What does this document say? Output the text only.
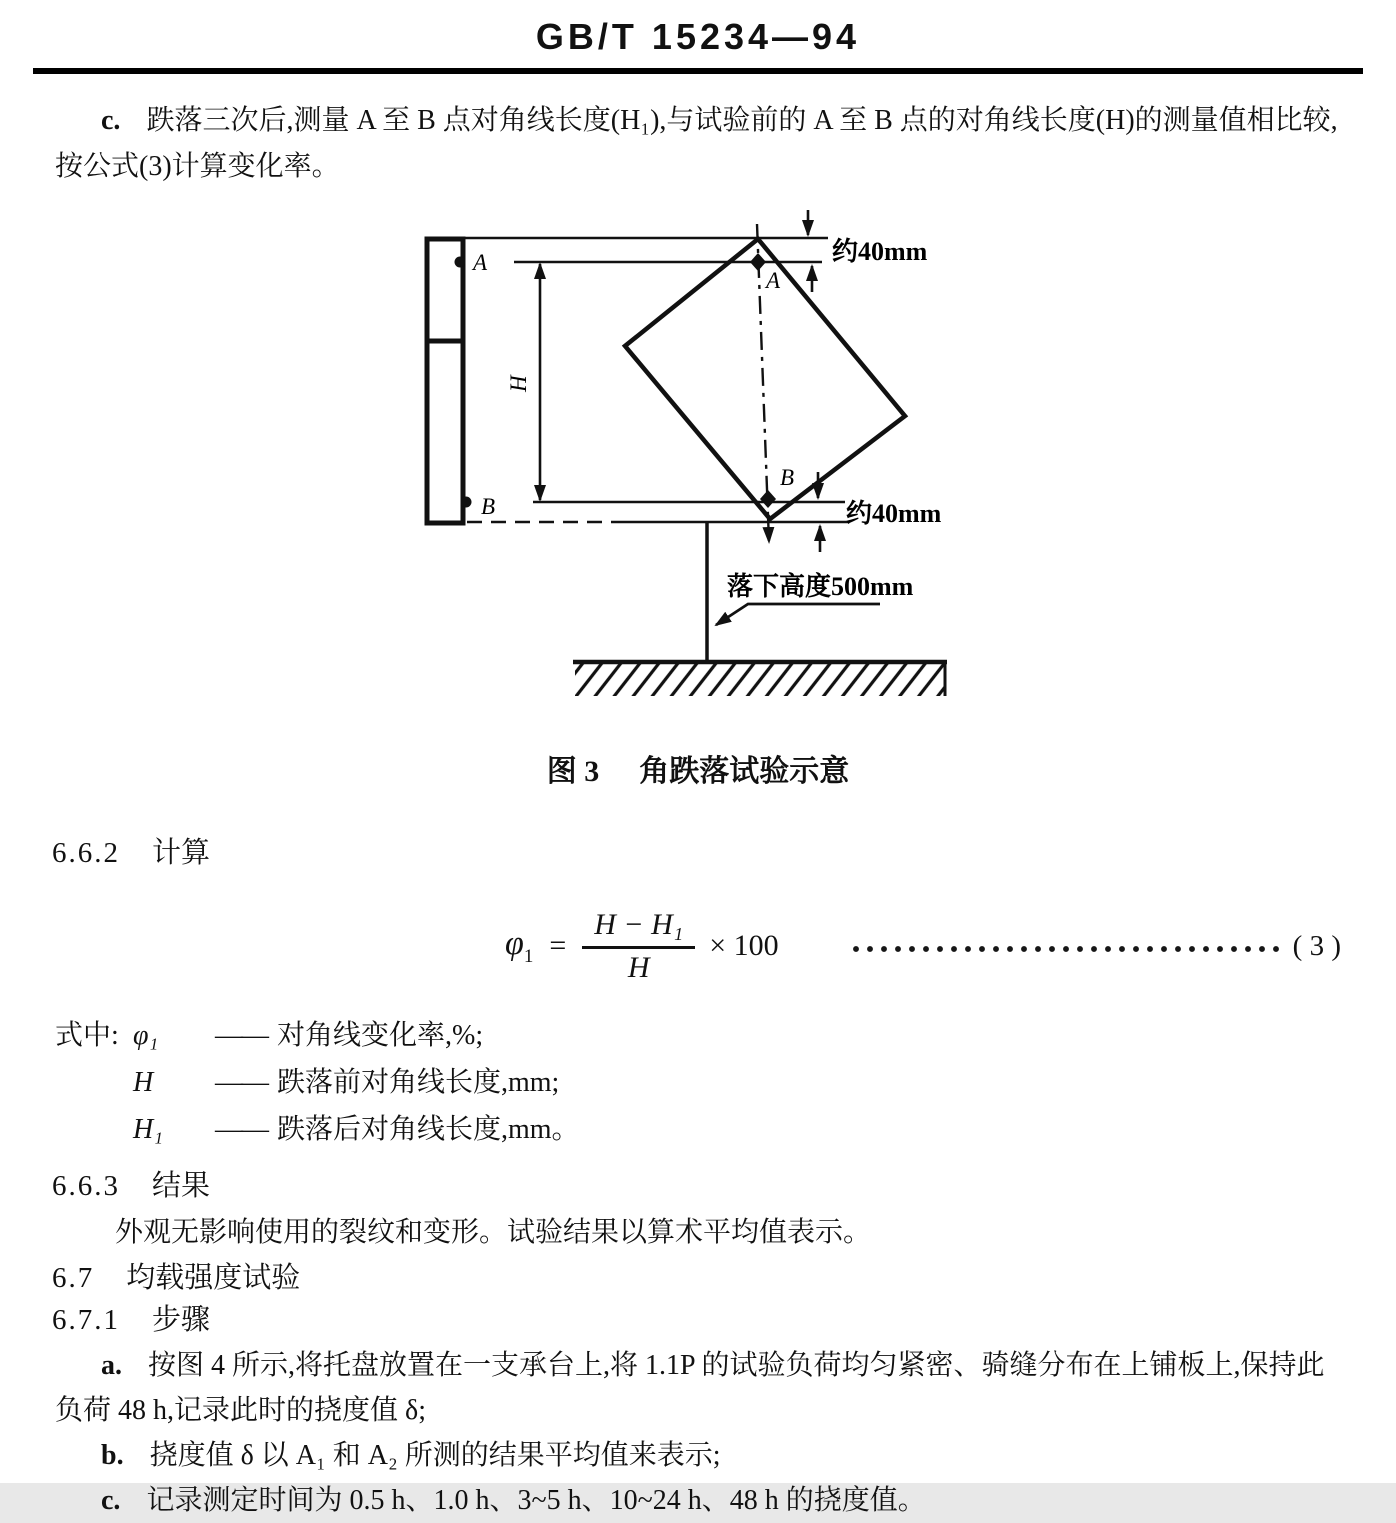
GB/T 15234—94

c. 跌落三次后,测量 A 至 B 点对角线长度(H₁),与试验前的 A 至 B 点的对角线长度(H)的测量值相比较,按公式(3)计算变化率。

A
B
H
A
B
约40mm
约40mm
落下高度500mm
图 3 角跌落试验示意
6.6.2 计算
$\varphi_1 = \frac{\text{H − H₁}}{H} \times 100$	( 3 )
式中: φ₁	—— 对角线变化率,%;
H	—— 跌落前对角线长度,mm;
H₁	—— 跌落后对角线长度,mm。
6.6.3 结果

外观无影响使用的裂纹和变形。试验结果以算术平均值表示。

6.7 均载强度试验
6.7.1 步骤

a. 按图 4 所示,将托盘放置在一支承台上,将 1.1P 的试验负荷均匀紧密、骑缝分布在上铺板上,保持此负荷 48 h,记录此时的挠度值 δ;

b. 挠度值 δ 以 A₁ 和 A₂ 所测的结果平均值来表示;

c. 记录测定时间为 0.5 h、1.0 h、3~5 h、10~24 h、48 h 的挠度值。
